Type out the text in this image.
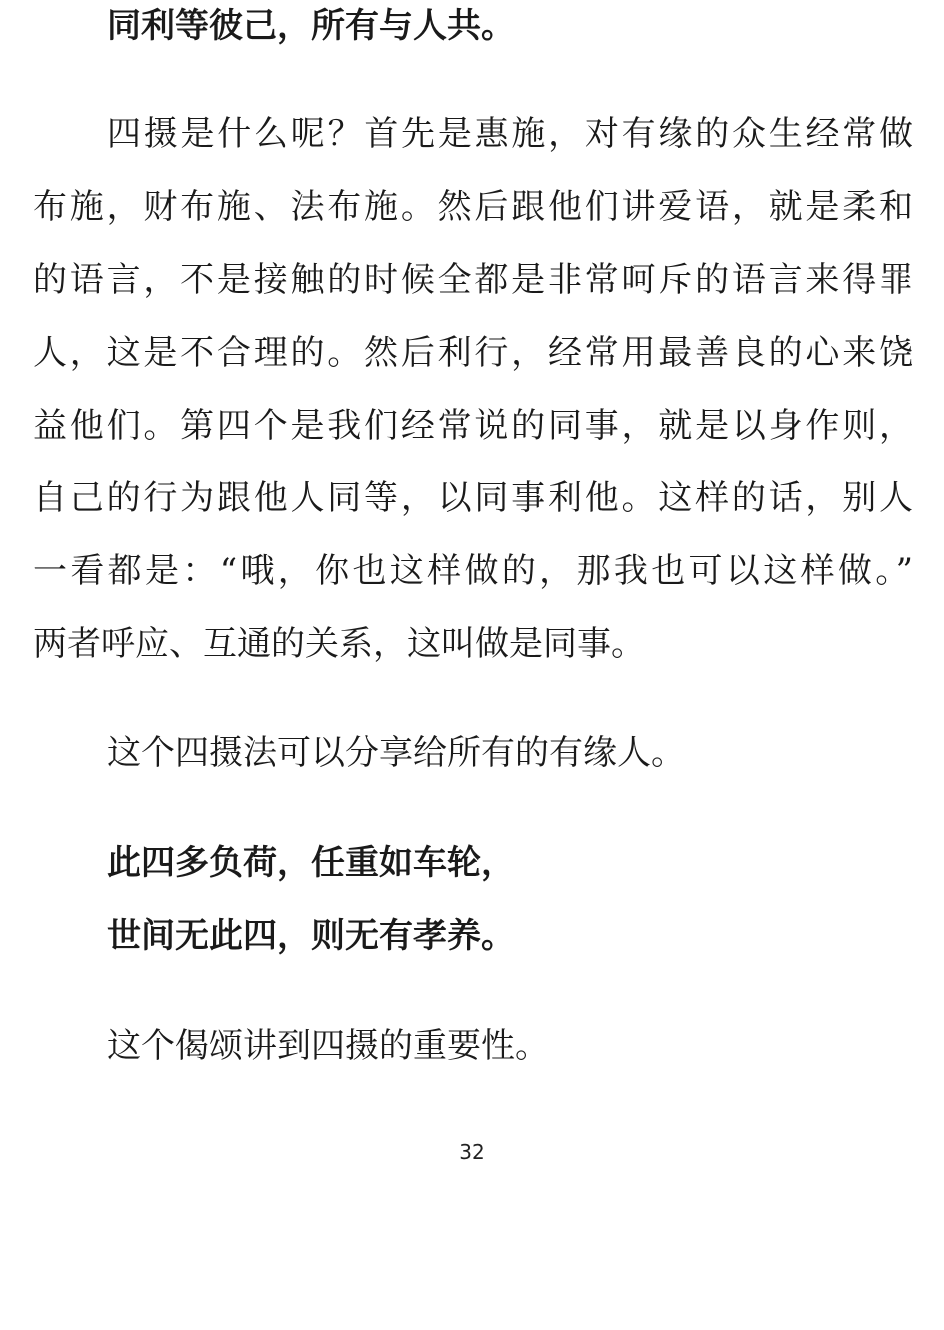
同利等彼己，所有与人共。
四摄是什么呢？首先是惠施，对有缘的众生经常做
布施，财布施、法布施。然后跟他们讲爱语，就是柔和
的语言，不是接触的时候全都是非常呵斥的语言来得罪
人，这是不合理的。然后利行，经常用最善良的心来饶
益他们。第四个是我们经常说的同事，就是以身作则，
自己的行为跟他人同等，以同事利他。这样的话，别人
一看都是：“哦，你也这样做的，那我也可以这样做。”
两者呼应、互通的关系，这叫做是同事。
这个四摄法可以分享给所有的有缘人。
此四多负荷，任重如车轮，
世间无此四，则无有孝养。
这个偈颂讲到四摄的重要性。
32
